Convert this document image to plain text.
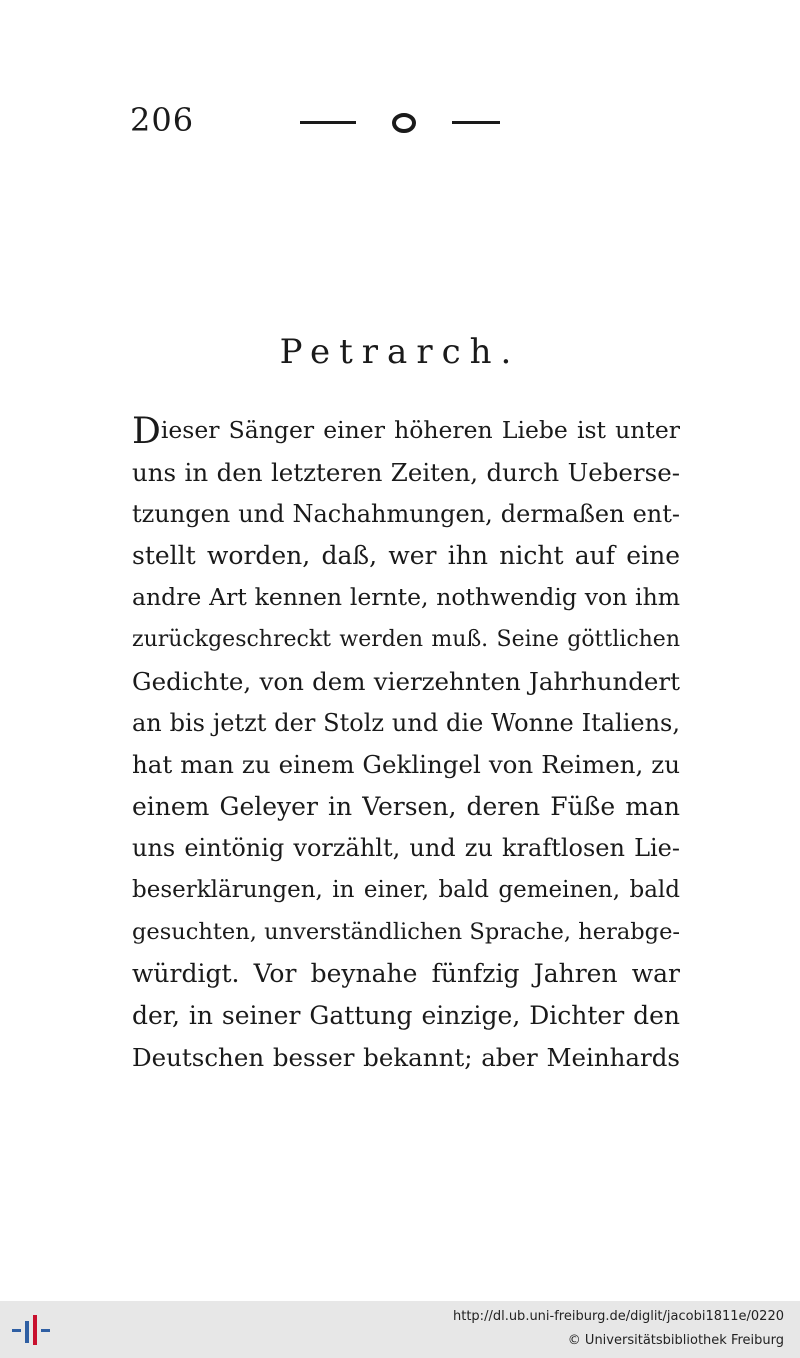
206
Petrarch.
Dieser Sänger einer höheren Liebe ist unter
uns in den letzteren Zeiten, durch Uebersе-
tzungen und Nachahmungen, dermaßen ent-
stellt worden, daß, wer ihn nicht auf eine
andre Art kennen lernte, nothwendig von ihm
zurückgeschreckt werden muß. Seine göttlichen
Gedichte, von dem vierzehnten Jahrhundert
an bis jetzt der Stolz und die Wonne Italiens,
hat man zu einem Geklingel von Reimen, zu
einem Geleyer in Versen, deren Füße man
uns eintönig vorzählt, und zu kraftlosen Lie-
beserklärungen, in einer, bald gemeinen, bald
gesuchten, unverständlichen Sprache, herabge-
würdigt. Vor beynahe fünfzig Jahren war
der, in seiner Gattung einzige, Dichter den
Deutschen besser bekannt; aber Meinhards
http://dl.ub.uni-freiburg.de/diglit/jacobi1811e/0220
© Universitätsbibliothek Freiburg
